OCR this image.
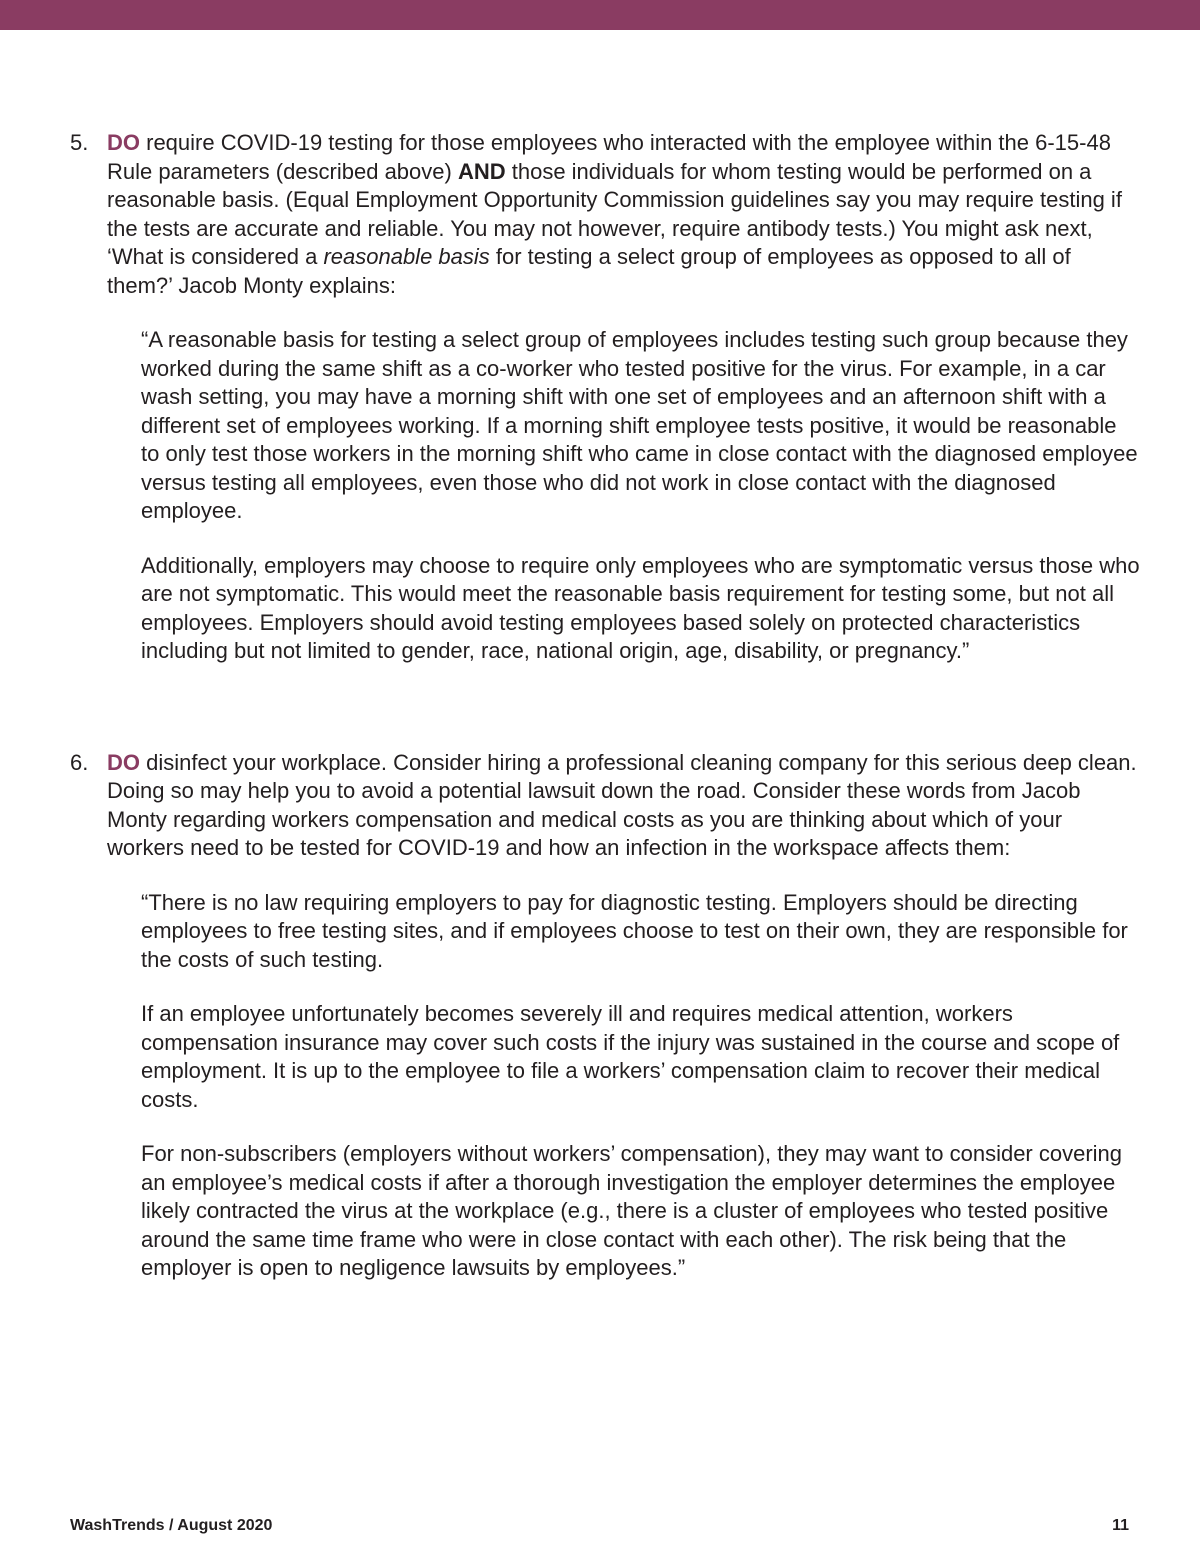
5. DO require COVID-19 testing for those employees who interacted with the employee within the 6-15-48 Rule parameters (described above) AND those individuals for whom testing would be performed on a reasonable basis. (Equal Employment Opportunity Commission guidelines say you may require testing if the tests are accurate and reliable. You may not however, require antibody tests.) You might ask next, ‘What is considered a reasonable basis for testing a select group of employees as opposed to all of them?’ Jacob Monty explains:

“A reasonable basis for testing a select group of employees includes testing such group because they worked during the same shift as a co-worker who tested positive for the virus. For example, in a car wash setting, you may have a morning shift with one set of employees and an afternoon shift with a different set of employees working. If a morning shift employee tests positive, it would be reasonable to only test those workers in the morning shift who came in close contact with the diagnosed employee versus testing all employees, even those who did not work in close contact with the diagnosed employee.

Additionally, employers may choose to require only employees who are symptomatic versus those who are not symptomatic. This would meet the reasonable basis requirement for testing some, but not all employees. Employers should avoid testing employees based solely on protected characteristics including but not limited to gender, race, national origin, age, disability, or pregnancy.”

6. DO disinfect your workplace. Consider hiring a professional cleaning company for this serious deep clean. Doing so may help you to avoid a potential lawsuit down the road. Consider these words from Jacob Monty regarding workers compensation and medical costs as you are thinking about which of your workers need to be tested for COVID-19 and how an infection in the workspace affects them:

“There is no law requiring employers to pay for diagnostic testing. Employers should be directing employees to free testing sites, and if employees choose to test on their own, they are responsible for the costs of such testing.

If an employee unfortunately becomes severely ill and requires medical attention, workers compensation insurance may cover such costs if the injury was sustained in the course and scope of employment. It is up to the employee to file a workers’ compensation claim to recover their medical costs.

For non-subscribers (employers without workers’ compensation), they may want to consider covering an employee’s medical costs if after a thorough investigation the employer determines the employee likely contracted the virus at the workplace (e.g., there is a cluster of employees who tested positive around the same time frame who were in close contact with each other). The risk being that the employer is open to negligence lawsuits by employees.”

WashTrends / August 2020	11
